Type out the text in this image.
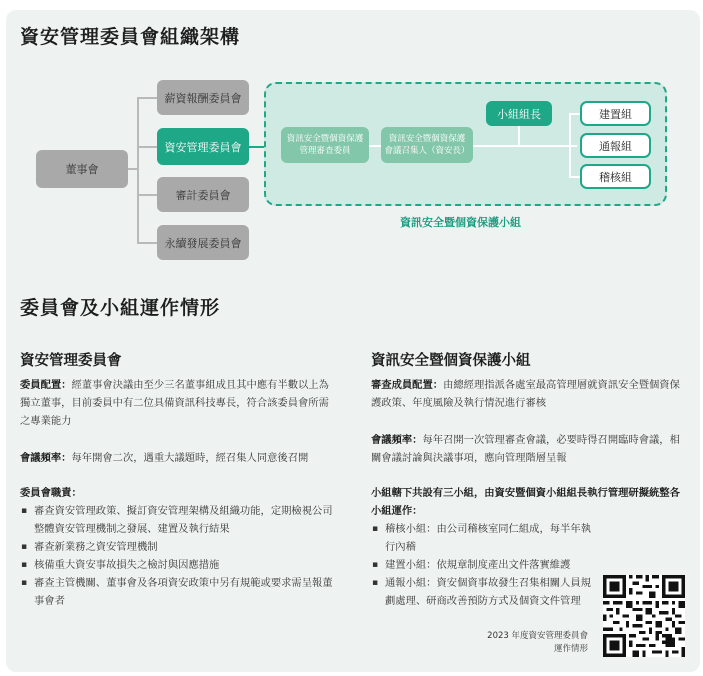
資安管理委員會組織架構
董事會
薪資報酬委員會
資安管理委員會
審計委員會
永續發展委員會
資訊安全暨個資保護
管理審查委員
資訊安全暨個資保護
會議召集人（資安長）
小組組長	建置組
通報組
稽核組
資訊安全暨個資保護小組
委員會及小組運作情形
資安管理委員會	資訊安全暨個資保護小組
委員配置：經董事會決議由至少三名董事組成且其中應有半數以上為獨立董事，目前委員中有二位具備資訊科技專長，符合該委員會所需之專業能力
會議頻率：每年開會二次，遇重大議題時，經召集人同意後召開
委員會職責：
▪ 審查資安管理政策、擬訂資安管理架構及組織功能，定期檢視公司整體資安管理機制之發展、建置及執行結果
▪ 審查新業務之資安管理機制
▪ 核備重大資安事故損失之檢討與因應措施
▪ 審查主管機關、董事會及各項資安政策中另有規範或要求需呈報董事會者
審查成員配置：由總經理指派各處室最高管理層就資訊安全暨個資保護政策、年度風險及執行情況進行審核
會議頻率：每年召開一次管理審查會議，必要時得召開臨時會議，相關會議討論與決議事項，應向管理階層呈報
小組轄下共設有三小組，由資安暨個資小組組長執行管理研擬統整各小組運作：
▪ 稽核小組：由公司稽核室同仁組成，每半年執行內稽
▪ 建置小組：依規章制度產出文件落實維護
▪ 通報小組：資安個資事故發生召集相關人員規劃處理、研商改善預防方式及個資文件管理
2023 年度資安管理委員會
運作情形
